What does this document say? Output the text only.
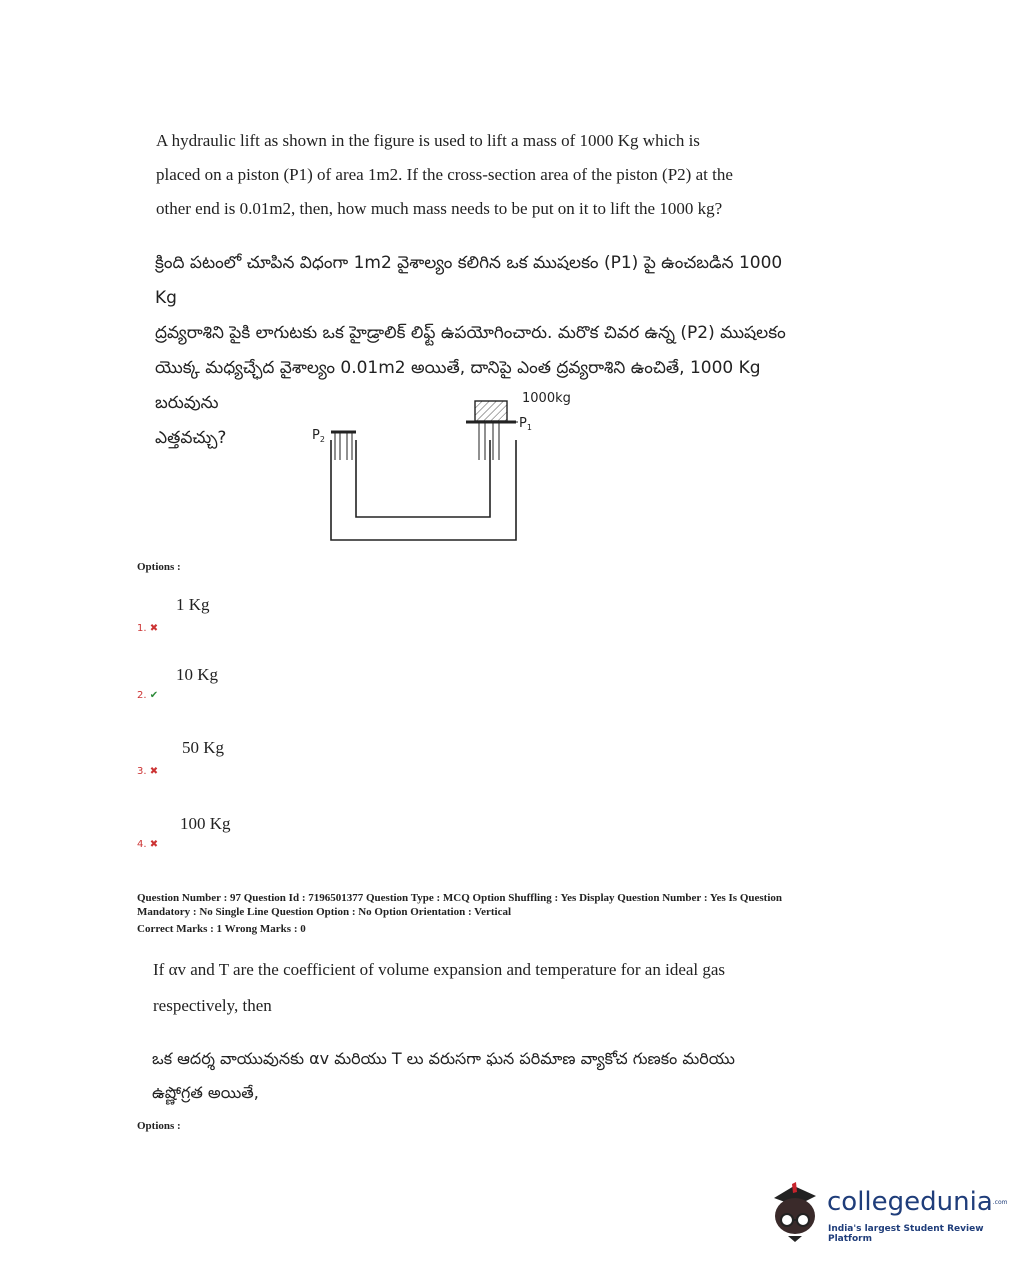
A hydraulic lift as shown in the figure is used to lift a mass of 1000 Kg which is

placed on a piston (P1) of area 1m2. If the cross-section area of the piston (P2) at the

other end is 0.01m2, then, how much mass needs to be put on it to lift the 1000 kg?

క్రింది పటంలో చూపిన విధంగా 1m2 వైశాల్యం కలిగిన ఒక ముషలకం (P1) పై ఉంచబడిన 1000 Kg

ద్రవ్యరాశిని పైకి లాగుటకు ఒక హైడ్రాలిక్ లిఫ్ట్ ఉపయోగించారు. మరొక చివర ఉన్న (P2) ముషలకం

యొక్క మధ్యచ్ఛేద వైశాల్యం 0.01m2 అయితే, దానిపై ఎంత ద్రవ్యరాశిని ఉంచితే, 1000 Kg బరువును

ఎత్తవచ్చు?

1000kg
$P_1$
$P_2$
Options :
1 Kg
1. ✖
10 Kg
2. ✔
50 Kg
3. ✖
100 Kg
4. ✖

Question Number : 97 Question Id : 7196501377 Question Type : MCQ Option Shuffling : Yes Display Question Number : Yes Is Question

Mandatory : No Single Line Question Option : No Option Orientation : Vertical

Correct Marks : 1 Wrong Marks : 0

If αv and T are the coefficient of volume expansion and temperature for an ideal gas

respectively, then

ఒక ఆదర్శ వాయువునకు αv మరియు T లు వరుసగా ఘన పరిమాణ వ్యాకోచ గుణకం మరియు

ఉష్ణోగ్రత అయితే,

Options :
collegedunia.com
India's largest Student Review Platform
